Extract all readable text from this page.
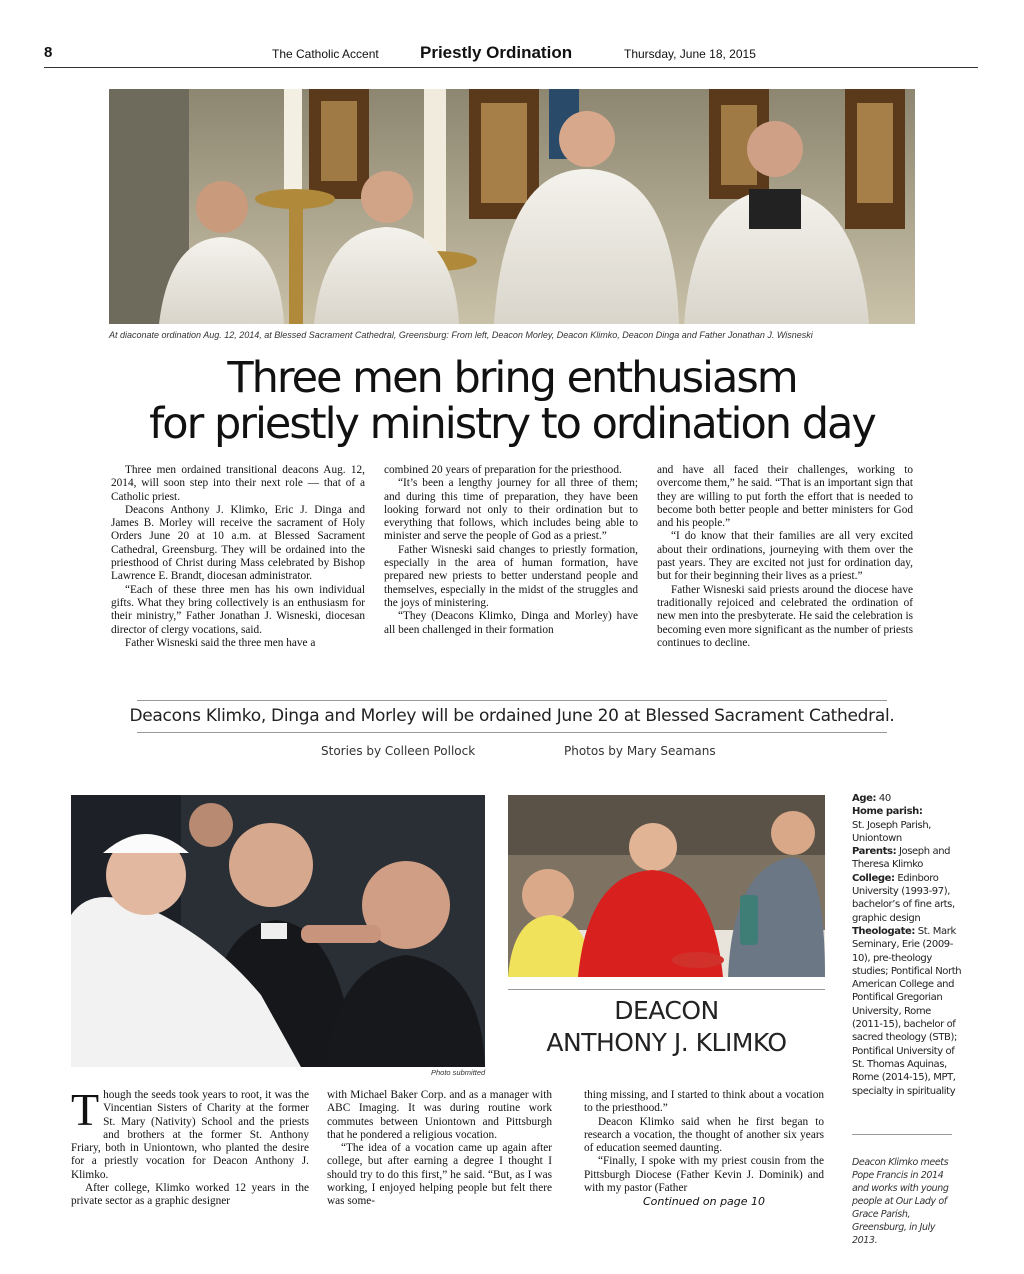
8	The Catholic Accent Priestly Ordination	Thursday, June 18, 2015
At diaconate ordination Aug. 12, 2014, at Blessed Sacrament Cathedral, Greensburg: From left, Deacon Morley, Deacon Klimko, Deacon Dinga and Father Jonathan J. Wisneski
Three men bring enthusiasm
for priestly ministry to ordination day

Three men ordained transitional deacons Aug. 12, 2014, will soon step into their next role — that of a Catholic priest.

Deacons Anthony J. Klimko, Eric J. Dinga and James B. Morley will receive the sacrament of Holy Orders June 20 at 10 a.m. at Blessed Sacrament Cathedral, Greensburg. They will be ordained into the priesthood of Christ during Mass celebrated by Bishop Lawrence E. Brandt, diocesan administrator.

“Each of these three men has his own individual gifts. What they bring collectively is an enthusiasm for their ministry,” Father Jonathan J. Wisneski, diocesan director of clergy vocations, said.

Father Wisneski said the three men have a

combined 20 years of preparation for the priesthood.

“It’s been a lengthy journey for all three of them; and during this time of preparation, they have been looking forward not only to their ordination but to everything that follows, which includes being able to minister and serve the people of God as a priest.”

Father Wisneski said changes to priestly formation, especially in the area of human formation, have prepared new priests to better understand people and themselves, especially in the midst of the struggles and the joys of ministering.

“They (Deacons Klimko, Dinga and Morley) have all been challenged in their formation

and have all faced their challenges, working to overcome them,” he said. “That is an important sign that they are willing to put forth the effort that is needed to become both better people and better ministers for God and his people.”

“I do know that their families are all very excited about their ordinations, journeying with them over the past years. They are excited not just for ordination day, but for their beginning their lives as a priest.”

Father Wisneski said priests around the diocese have traditionally rejoiced and celebrated the ordination of new men into the presbyterate. He said the celebration is becoming even more significant as the number of priests continues to decline.

Deacons Klimko, Dinga and Morley will be ordained June 20 at Blessed Sacrament Cathedral.
Stories by Colleen Pollock	Photos by Mary Seamans
Photo submitted
DEACON
ANTHONY J. KLIMKO
Age: 40
Home parish:
St. Joseph Parish, Uniontown
Parents: Joseph and Theresa Klimko
College: Edinboro University (1993-97), bachelor’s of fine arts, graphic design
Theologate: St. Mark Seminary, Erie (2009-10), pre-theology studies; Pontifical North American College and Pontifical Gregorian University, Rome (2011-15), bachelor of sacred theology (STB); Pontifical University of St. Thomas Aquinas, Rome (2014-15), MPT, specialty in spirituality
Deacon Klimko meets Pope Francis in 2014 and works with young people at Our Lady of Grace Parish, Greensburg, in July 2013.

Though the seeds took years to root, it was the Vincentian Sisters of Charity at the former St. Mary (Nativity) School and the priests and brothers at the former St. Anthony Friary, both in Uniontown, who planted the desire for a priestly vocation for Deacon Anthony J. Klimko.

After college, Klimko worked 12 years in the private sector as a graphic designer

with Michael Baker Corp. and as a manager with ABC Imaging. It was during routine work commutes between Uniontown and Pittsburgh that he pondered a religious vocation.

“The idea of a vocation came up again after college, but after earning a degree I thought I should try to do this first,” he said. “But, as I was working, I enjoyed helping people but felt there was some-

thing missing, and I started to think about a vocation to the priesthood.”

Deacon Klimko said when he first began to research a vocation, the thought of another six years of education seemed daunting.

“Finally, I spoke with my priest cousin from the Pittsburgh Diocese (Father Kevin J. Dominik) and with my pastor (Father

Continued on page 10
